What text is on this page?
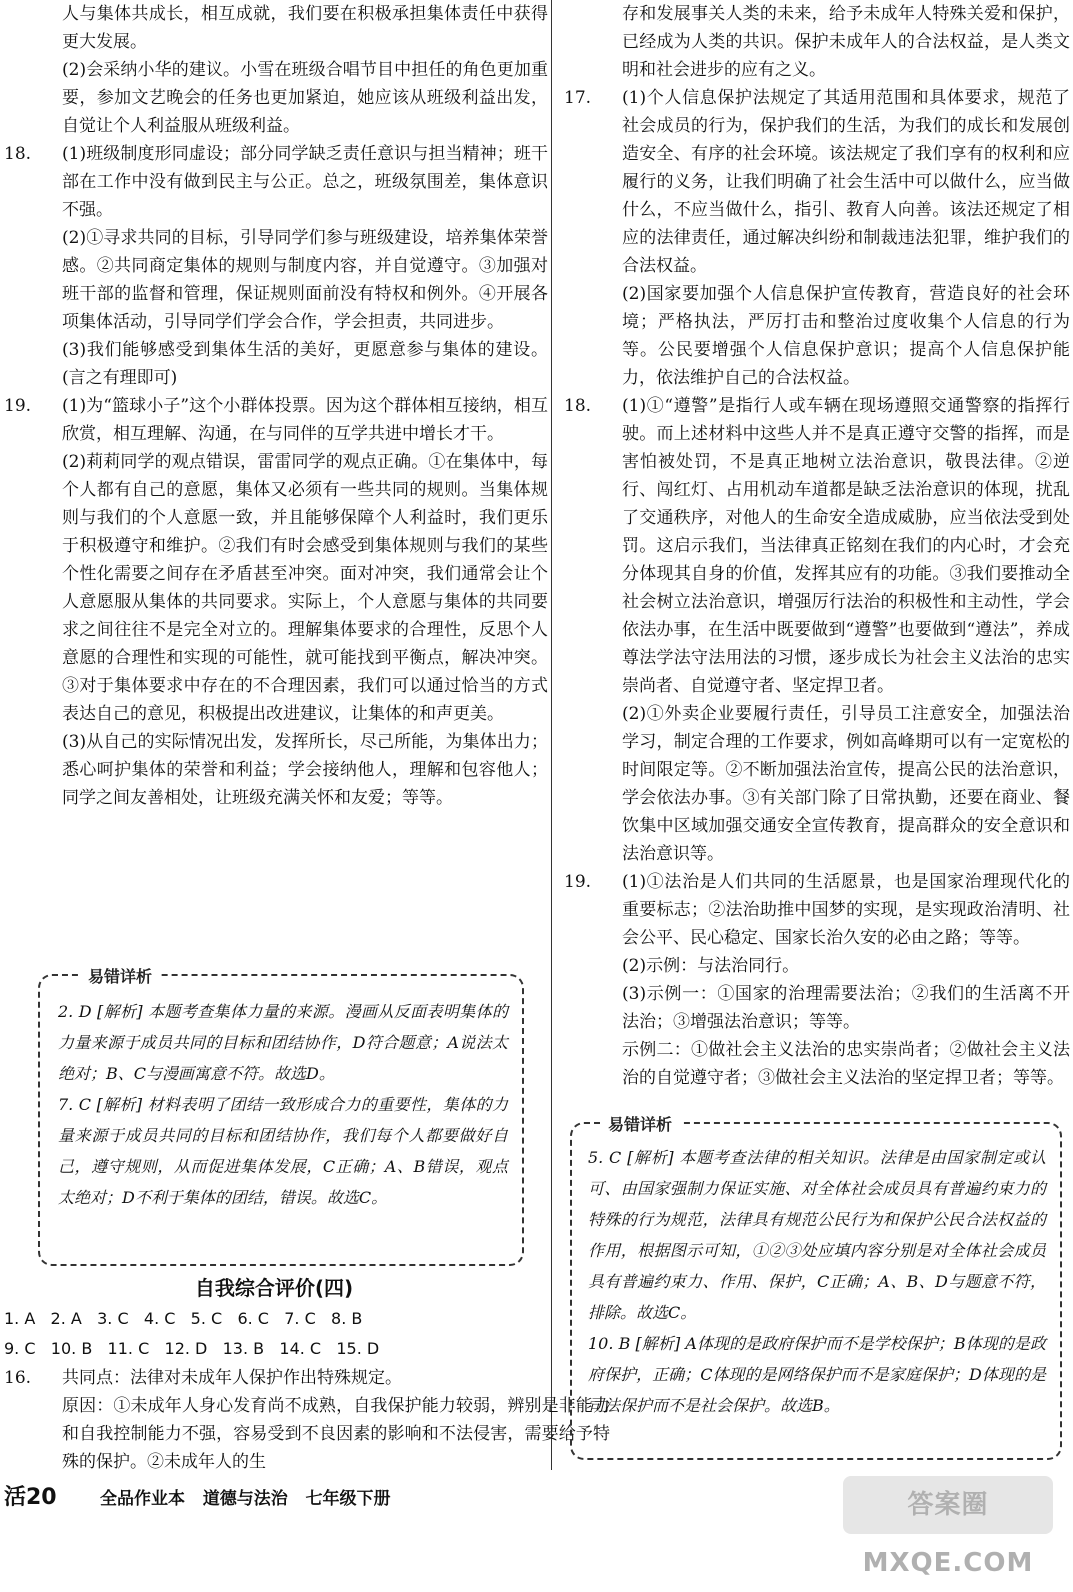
人与集体共成长，相互成就，我们要在积极承担集体责任中获得更大发展。

(2)会采纳小华的建议。小雪在班级合唱节目中担任的角色更加重要，参加文艺晚会的任务也更加紧迫，她应该从班级利益出发，自觉让个人利益服从班级利益。

18. (1)班级制度形同虚设；部分同学缺乏责任意识与担当精神；班干部在工作中没有做到民主与公正。总之，班级氛围差，集体意识不强。

(2)①寻求共同的目标，引导同学们参与班级建设，培养集体荣誉感。②共同商定集体的规则与制度内容，并自觉遵守。③加强对班干部的监督和管理，保证规则面前没有特权和例外。④开展各项集体活动，引导同学们学会合作，学会担责，共同进步。

(3)我们能够感受到集体生活的美好，更愿意参与集体的建设。(言之有理即可)

19. (1)为“篮球小子”这个小群体投票。因为这个群体相互接纳，相互欣赏，相互理解、沟通，在与同伴的互学共进中增长才干。

(2)莉莉同学的观点错误，雷雷同学的观点正确。①在集体中，每个人都有自己的意愿，集体又必须有一些共同的规则。当集体规则与我们的个人意愿一致，并且能够保障个人利益时，我们更乐于积极遵守和维护。②我们有时会感受到集体规则与我们的某些个性化需要之间存在矛盾甚至冲突。面对冲突，我们通常会让个人意愿服从集体的共同要求。实际上，个人意愿与集体的共同要求之间往往不是完全对立的。理解集体要求的合理性，反思个人意愿的合理性和实现的可能性，就可能找到平衡点，解决冲突。③对于集体要求中存在的不合理因素，我们可以通过恰当的方式表达自己的意见，积极提出改进建议，让集体的和声更美。

(3)从自己的实际情况出发，发挥所长，尽己所能，为集体出力；悉心呵护集体的荣誉和利益；学会接纳他人，理解和包容他人；同学之间友善相处，让班级充满关怀和友爱；等等。

易错详析

2. D [解析] 本题考查集体力量的来源。漫画从反面表明集体的力量来源于成员共同的目标和团结协作，D符合题意；A说法太绝对；B、C与漫画寓意不符。故选D。

7. C [解析] 材料表明了团结一致形成合力的重要性，集体的力量来源于成员共同的目标和团结协作，我们每个人都要做好自己，遵守规则，从而促进集体发展，C正确；A、B错误，观点太绝对；D不利于集体的团结，错误。故选C。

自我综合评价(四)
1. A   2. A   3. C   4. C   5. C   6. C   7. C   8. B
9. C   10. B   11. C   12. D   13. B   14. C   15. D
16. 共同点：法律对未成年人保护作出特殊规定。

原因：①未成年人身心发育尚不成熟，自我保护能力较弱，辨别是非能力和自我控制能力不强，容易受到不良因素的影响和不法侵害，需要给予特殊的保护。②未成年人的生

存和发展事关人类的未来，给予未成年人特殊关爱和保护，已经成为人类的共识。保护未成年人的合法权益，是人类文明和社会进步的应有之义。

17. (1)个人信息保护法规定了其适用范围和具体要求，规范了社会成员的行为，保护我们的生活，为我们的成长和发展创造安全、有序的社会环境。该法规定了我们享有的权利和应履行的义务，让我们明确了社会生活中可以做什么，应当做什么，不应当做什么，指引、教育人向善。该法还规定了相应的法律责任，通过解决纠纷和制裁违法犯罪，维护我们的合法权益。

(2)国家要加强个人信息保护宣传教育，营造良好的社会环境；严格执法，严厉打击和整治过度收集个人信息的行为等。公民要增强个人信息保护意识；提高个人信息保护能力，依法维护自己的合法权益。

18. (1)①“遵警”是指行人或车辆在现场遵照交通警察的指挥行驶。而上述材料中这些人并不是真正遵守交警的指挥，而是害怕被处罚，不是真正地树立法治意识，敬畏法律。②逆行、闯红灯、占用机动车道都是缺乏法治意识的体现，扰乱了交通秩序，对他人的生命安全造成威胁，应当依法受到处罚。这启示我们，当法律真正铭刻在我们的内心时，才会充分体现其自身的价值，发挥其应有的功能。③我们要推动全社会树立法治意识，增强厉行法治的积极性和主动性，学会依法办事，在生活中既要做到“遵警”也要做到“遵法”，养成尊法学法守法用法的习惯，逐步成长为社会主义法治的忠实崇尚者、自觉遵守者、坚定捍卫者。

(2)①外卖企业要履行责任，引导员工注意安全，加强法治学习，制定合理的工作要求，例如高峰期可以有一定宽松的时间限定等。②不断加强法治宣传，提高公民的法治意识，学会依法办事。③有关部门除了日常执勤，还要在商业、餐饮集中区域加强交通安全宣传教育，提高群众的安全意识和法治意识等。

19. (1)①法治是人们共同的生活愿景，也是国家治理现代化的重要标志；②法治助推中国梦的实现，是实现政治清明、社会公平、民心稳定、国家长治久安的必由之路；等等。

(2)示例：与法治同行。

(3)示例一：①国家的治理需要法治；②我们的生活离不开法治；③增强法治意识；等等。

示例二：①做社会主义法治的忠实崇尚者；②做社会主义法治的自觉遵守者；③做社会主义法治的坚定捍卫者；等等。

易错详析

5. C [解析] 本题考查法律的相关知识。法律是由国家制定或认可、由国家强制力保证实施、对全体社会成员具有普遍约束力的特殊的行为规范，法律具有规范公民行为和保护公民合法权益的作用，根据图示可知，①②③处应填内容分别是对全体社会成员具有普遍约束力、作用、保护，C正确；A、B、D与题意不符，排除。故选C。

10. B [解析] A体现的是政府保护而不是学校保护；B体现的是政府保护，正确；C体现的是网络保护而不是家庭保护；D体现的是司法保护而不是社会保护。故选B。

活20	全品作业本   道德与法治   七年级下册	答案圈 MXQE.COM
